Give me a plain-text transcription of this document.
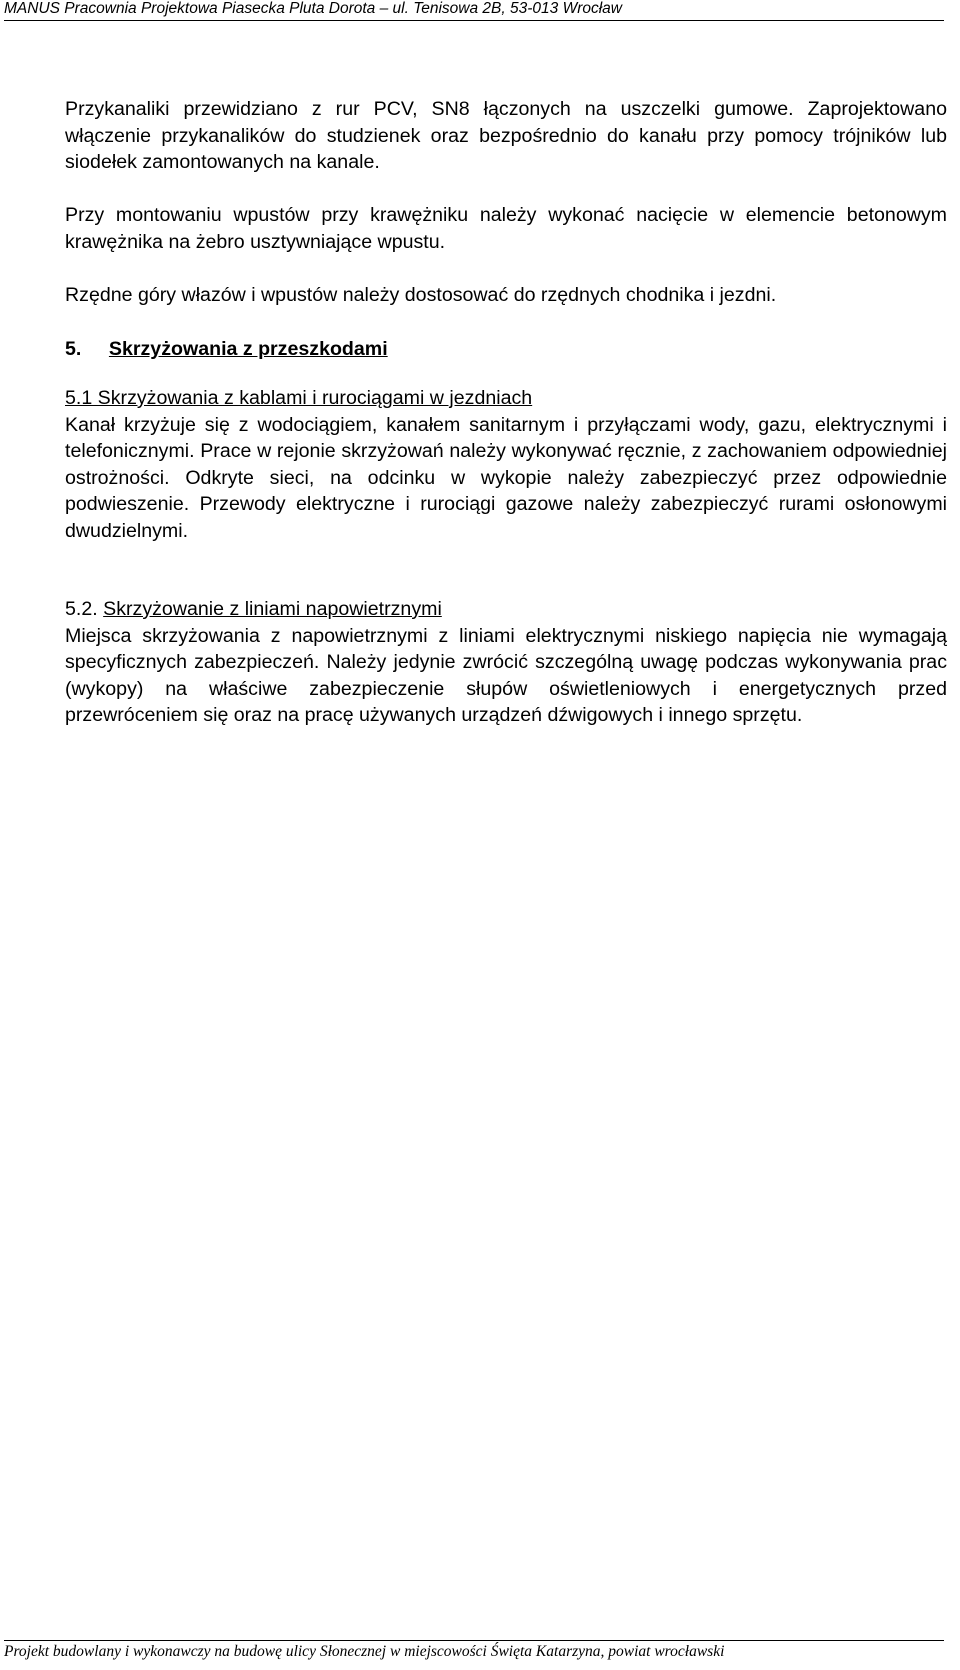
MANUS Pracownia Projektowa Piasecka Pluta Dorota – ul. Tenisowa 2B, 53-013 Wrocław

Przykanaliki przewidziano z rur PCV, SN8 łączonych na uszczelki gumowe. Zaprojektowano włączenie przykanalików do studzienek oraz bezpośrednio do kanału przy pomocy trójników lub siodełek zamontowanych na kanale.

Przy montowaniu wpustów przy krawężniku należy wykonać nacięcie w elemencie betonowym krawężnika na żebro usztywniające wpustu.

Rzędne góry włazów i wpustów należy dostosować do rzędnych chodnika i jezdni.

5. Skrzyżowania z przeszkodami
5.1 Skrzyżowania z kablami i rurociągami w jezdniach
Kanał krzyżuje się z wodociągiem, kanałem sanitarnym i przyłączami wody, gazu, elektrycznymi i telefonicznymi. Prace w rejonie skrzyżowań należy wykonywać ręcznie, z zachowaniem odpowiedniej ostrożności. Odkryte sieci, na odcinku w wykopie należy zabezpieczyć przez odpowiednie podwieszenie. Przewody elektryczne i rurociągi gazowe należy zabezpieczyć rurami osłonowymi dwudzielnymi.
5.2. Skrzyżowanie z liniami napowietrznymi
Miejsca skrzyżowania z napowietrznymi z liniami elektrycznymi niskiego napięcia nie wymagają specyficznych zabezpieczeń. Należy jedynie zwrócić szczególną uwagę podczas wykonywania prac (wykopy) na właściwe zabezpieczenie słupów oświetleniowych i energetycznych przed przewróceniem się oraz na pracę używanych urządzeń dźwigowych i innego sprzętu.
Projekt budowlany i wykonawczy na budowę ulicy Słonecznej w miejscowości Święta Katarzyna, powiat wrocławski
